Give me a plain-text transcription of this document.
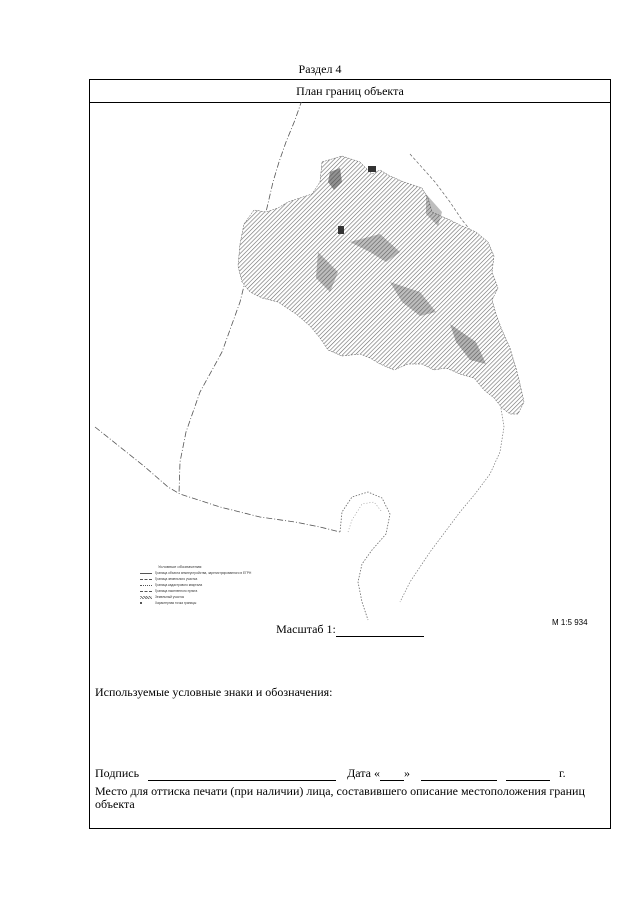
Раздел 4
План границ объекта
Условные обозначения:
Граница объекта землеустройства, зарегистрированного в ЕГРН
Граница земельного участка
Граница кадастрового квартала
Граница населенного пункта
Земельный участок
Характерная точка границы
М 1:5 934
Масштаб 1:
Используемые условные знаки и обозначения:
Подпись	Дата « »	г.
Место для оттиска печати (при наличии) лица, составившего описание местоположения границ объекта
